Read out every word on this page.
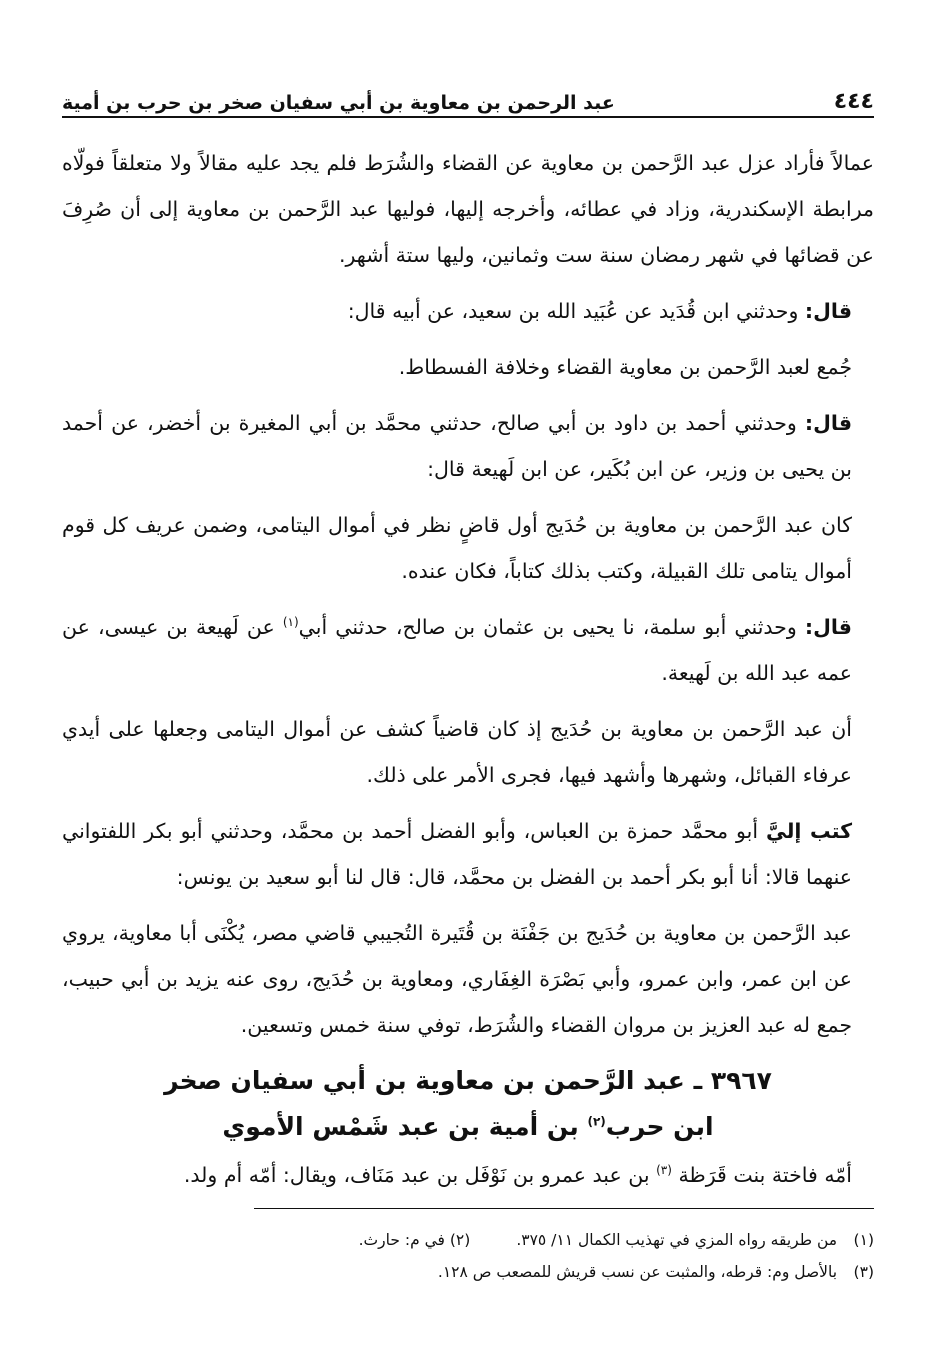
٤٤٤
عبد الرحمن بن معاوية بن أبي سفيان صخر بن حرب بن أمية

عمالاً فأراد عزل عبد الرَّحمن بن معاوية عن القضاء والشُرَط فلم يجد عليه مقالاً ولا متعلقاً فولّاه مرابطة الإسكندرية، وزاد في عطائه، وأخرجه إليها، فوليها عبد الرَّحمن بن معاوية إلى أن صُرِفَ عن قضائها في شهر رمضان سنة ست وثمانين، وليها ستة أشهر.

قال: وحدثني ابن قُدَيد عن عُبَيد الله بن سعيد، عن أبيه قال:

جُمع لعبد الرَّحمن بن معاوية القضاء وخلافة الفسطاط.

قال: وحدثني أحمد بن داود بن أبي صالح، حدثني محمَّد بن أبي المغيرة بن أخضر، عن أحمد بن يحيى بن وزير، عن ابن بُكَير، عن ابن لَهيعة قال:

كان عبد الرَّحمن بن معاوية بن حُدَيج أول قاضٍ نظر في أموال اليتامى، وضمن عريف كل قوم أموال يتامى تلك القبيلة، وكتب بذلك كتاباً، فكان عنده.

قال: وحدثني أبو سلمة، نا يحيى بن عثمان بن صالح، حدثني أبي$^{(١)}$ عن لَهيعة بن عيسى، عن عمه عبد الله بن لَهيعة.

أن عبد الرَّحمن بن معاوية بن حُدَيج إذ كان قاضياً كشف عن أموال اليتامى وجعلها على أيدي عرفاء القبائل، وشهرها وأشهد فيها، فجرى الأمر على ذلك.

كتب إليَّ أبو محمَّد حمزة بن العباس، وأبو الفضل أحمد بن محمَّد، وحدثني أبو بكر اللفتواني عنهما قالا: أنا أبو بكر أحمد بن الفضل بن محمَّد، قال: قال لنا أبو سعيد بن يونس:

عبد الرَّحمن بن معاوية بن حُدَيج بن جَفْنَة بن قُتَيرة التُجيبي قاضي مصر، يُكْنَى أبا معاوية، يروي عن ابن عمر، وابن عمرو، وأبي بَصْرَة الغِفَاري، ومعاوية بن حُدَيج، روى عنه يزيد بن أبي حبيب، جمع له عبد العزيز بن مروان القضاء والشُرَط، توفي سنة خمس وتسعين.

٣٩٦٧ ـ عبد الرَّحمن بن معاوية بن أبي سفيان صخر
ابن حرب$^{(٢)}$ بن أمية بن عبد شَمْس الأموي

أمّه فاختة بنت قَرَظة $^{(٣)}$ بن عبد عمرو بن نَوْفَل بن عبد مَنَاف، ويقال: أمّه أم ولد.

(١) من طريقه رواه المزي في تهذيب الكمال ١١/ ٣٧٥.
(٢) في م: حارث.
(٣) بالأصل وم: قرطه، والمثبت عن نسب قريش للمصعب ص ١٢٨.
